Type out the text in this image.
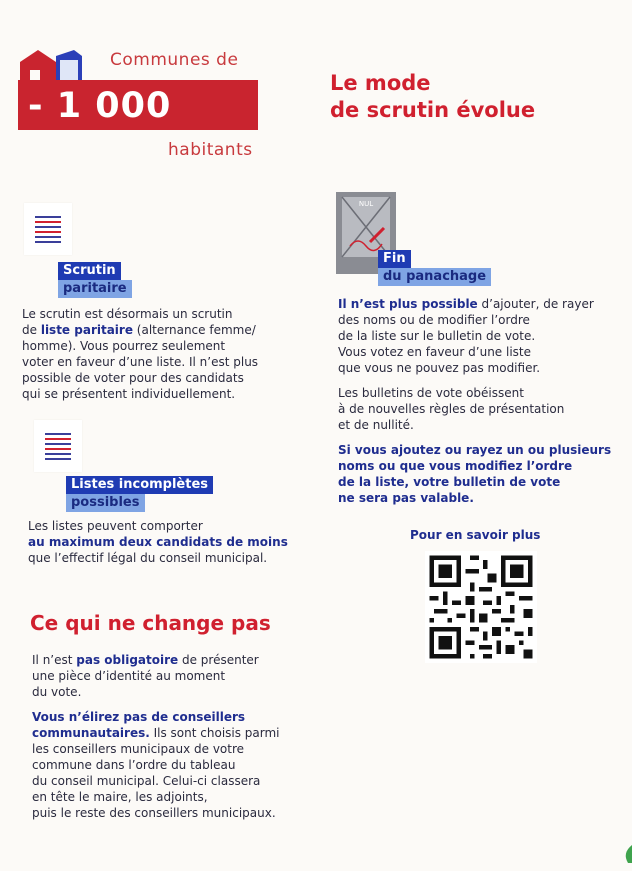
Communes de
- 1 000
habitants
Le mode
de scrutin évolue
Scrutin
paritaire
Le scrutin est désormais un scrutin
de liste paritaire (alternance femme/
homme). Vous pourrez seulement
voter en faveur d’une liste. Il n’est plus
possible de voter pour des candidats
qui se présentent individuellement.
Listes incomplètes
possibles
Les listes peuvent comporter
au maximum deux candidats de moins
que l’effectif légal du conseil municipal.
NUL
Fin
du panachage
Il n’est plus possible d’ajouter, de rayer
des noms ou de modifier l’ordre
de la liste sur le bulletin de vote.
Vous votez en faveur d’une liste
que vous ne pouvez pas modifier.
Les bulletins de vote obéissent
à de nouvelles règles de présentation
et de nullité.
Si vous ajoutez ou rayez un ou plusieurs
noms ou que vous modifiez l’ordre
de la liste, votre bulletin de vote
ne sera pas valable.
Pour en savoir plus
Ce qui ne change pas
Il n’est pas obligatoire de présenter
une pièce d’identité au moment
du vote.
Vous n’élirez pas de conseillers
communautaires. Ils sont choisis parmi
les conseillers municipaux de votre
commune dans l’ordre du tableau
du conseil municipal. Celui-ci classera
en tête le maire, les adjoints,
puis le reste des conseillers municipaux.
